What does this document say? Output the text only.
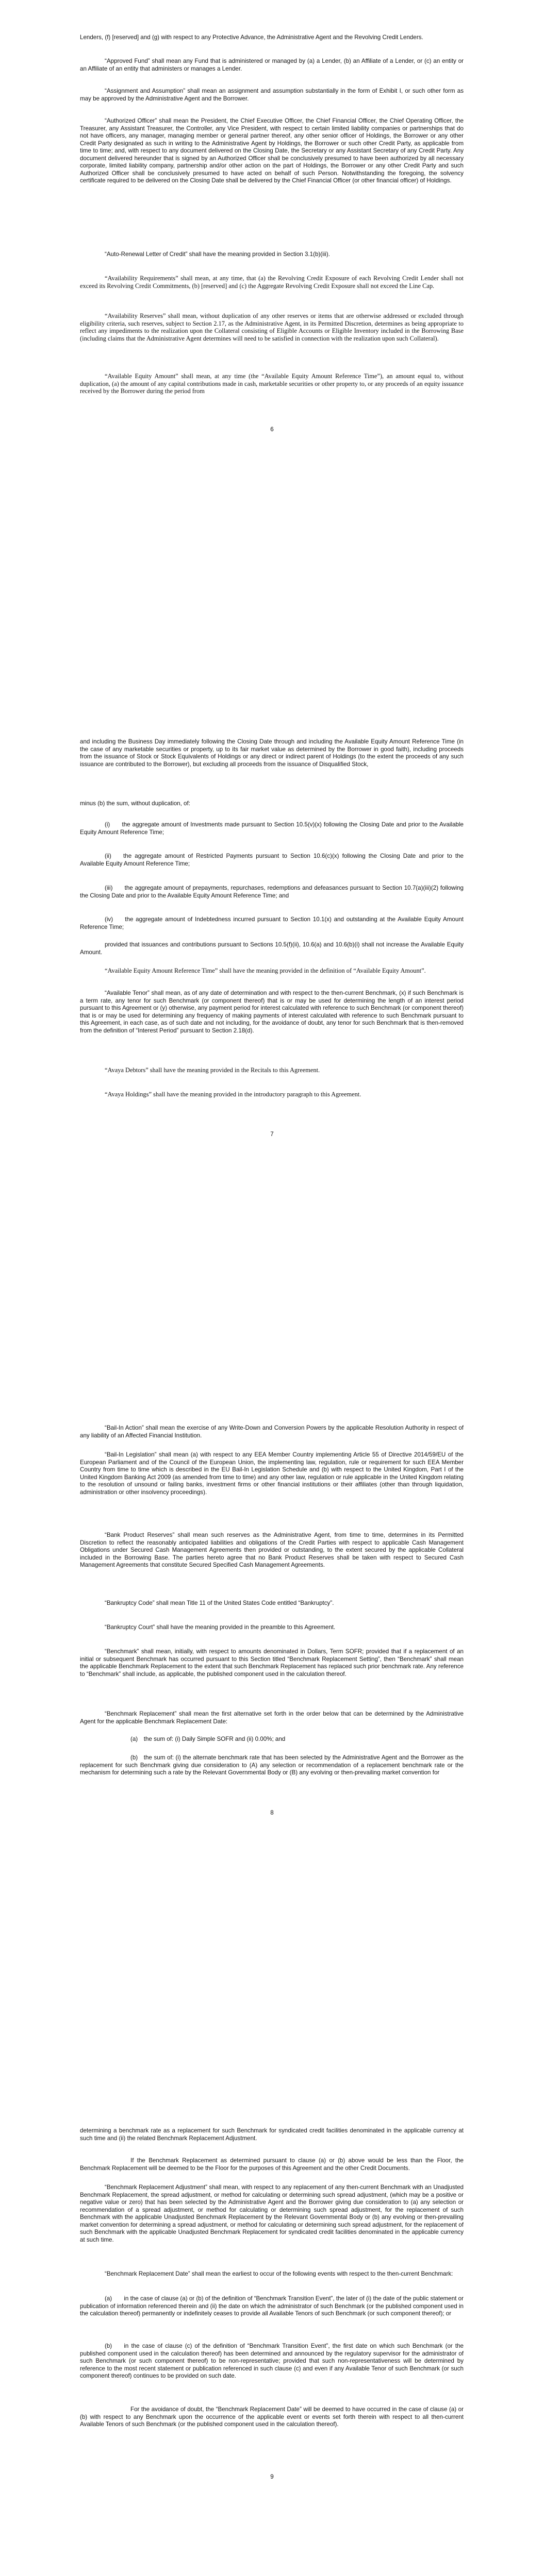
Lenders, (f) [reserved] and (g) with respect to any Protective Advance, the Administrative Agent and the Revolving Credit Lenders.

“Approved Fund” shall mean any Fund that is administered or managed by (a) a Lender, (b) an Affiliate of a Lender, or (c) an entity or an Affiliate of an entity that administers or manages a Lender.

“Assignment and Assumption” shall mean an assignment and assumption substantially in the form of Exhibit I, or such other form as may be approved by the Administrative Agent and the Borrower.

“Authorized Officer” shall mean the President, the Chief Executive Officer, the Chief Financial Officer, the Chief Operating Officer, the Treasurer, any Assistant Treasurer, the Controller, any Vice President, with respect to certain limited liability companies or partnerships that do not have officers, any manager, managing member or general partner thereof, any other senior officer of Holdings, the Borrower or any other Credit Party designated as such in writing to the Administrative Agent by Holdings, the Borrower or such other Credit Party, as applicable from time to time; and, with respect to any document delivered on the Closing Date, the Secretary or any Assistant Secretary of any Credit Party. Any document delivered hereunder that is signed by an Authorized Officer shall be conclusively presumed to have been authorized by all necessary corporate, limited liability company, partnership and/or other action on the part of Holdings, the Borrower or any other Credit Party and such Authorized Officer shall be conclusively presumed to have acted on behalf of such Person. Notwithstanding the foregoing, the solvency certificate required to be delivered on the Closing Date shall be delivered by the Chief Financial Officer (or other financial officer) of Holdings.

“Auto-Renewal Letter of Credit” shall have the meaning provided in Section 3.1(b)(iii).

“Availability Requirements” shall mean, at any time, that (a) the Revolving Credit Exposure of each Revolving Credit Lender shall not exceed its Revolving Credit Commitments, (b) [reserved] and (c) the Aggregate Revolving Credit Exposure shall not exceed the Line Cap.

“Availability Reserves” shall mean, without duplication of any other reserves or items that are otherwise addressed or excluded through eligibility criteria, such reserves, subject to Section 2.17, as the Administrative Agent, in its Permitted Discretion, determines as being appropriate to reflect any impediments to the realization upon the Collateral consisting of Eligible Accounts or Eligible Inventory included in the Borrowing Base (including claims that the Administrative Agent determines will need to be satisfied in connection with the realization upon such Collateral).

“Available Equity Amount” shall mean, at any time (the “Available Equity Amount Reference Time”), an amount equal to, without duplication, (a) the amount of any capital contributions made in cash, marketable securities or other property to, or any proceeds of an equity issuance received by the Borrower during the period from

6

and including the Business Day immediately following the Closing Date through and including the Available Equity Amount Reference Time (in the case of any marketable securities or property, up to its fair market value as determined by the Borrower in good faith), including proceeds from the issuance of Stock or Stock Equivalents of Holdings or any direct or indirect parent of Holdings (to the extent the proceeds of any such issuance are contributed to the Borrower), but excluding all proceeds from the issuance of Disqualified Stock,

minus (b) the sum, without duplication, of:

(i)  the aggregate amount of Investments made pursuant to Section 10.5(v)(x) following the Closing Date and prior to the Available Equity Amount Reference Time;

(ii)  the aggregate amount of Restricted Payments pursuant to Section 10.6(c)(x) following the Closing Date and prior to the Available Equity Amount Reference Time;

(iii)  the aggregate amount of prepayments, repurchases, redemptions and defeasances pursuant to Section 10.7(a)(iii)(2) following the Closing Date and prior to the Available Equity Amount Reference Time; and

(iv)  the aggregate amount of Indebtedness incurred pursuant to Section 10.1(x) and outstanding at the Available Equity Amount Reference Time;

provided that issuances and contributions pursuant to Sections 10.5(f)(ii), 10.6(a) and 10.6(b)(i) shall not increase the Available Equity Amount.

“Available Equity Amount Reference Time” shall have the meaning provided in the definition of “Available Equity Amount”.

“Available Tenor” shall mean, as of any date of determination and with respect to the then-current Benchmark, (x) if such Benchmark is a term rate, any tenor for such Benchmark (or component thereof) that is or may be used for determining the length of an interest period pursuant to this Agreement or (y) otherwise, any payment period for interest calculated with reference to such Benchmark (or component thereof) that is or may be used for determining any frequency of making payments of interest calculated with reference to such Benchmark pursuant to this Agreement, in each case, as of such date and not including, for the avoidance of doubt, any tenor for such Benchmark that is then-removed from the definition of “Interest Period” pursuant to Section 2.18(d).

“Avaya Debtors” shall have the meaning provided in the Recitals to this Agreement.

“Avaya Holdings” shall have the meaning provided in the introductory paragraph to this Agreement.

7

“Bail-In Action” shall mean the exercise of any Write-Down and Conversion Powers by the applicable Resolution Authority in respect of any liability of an Affected Financial Institution.

“Bail-In Legislation” shall mean (a) with respect to any EEA Member Country implementing Article 55 of Directive 2014/59/EU of the European Parliament and of the Council of the European Union, the implementing law, regulation, rule or requirement for such EEA Member Country from time to time which is described in the EU Bail-In Legislation Schedule and (b) with respect to the United Kingdom, Part I of the United Kingdom Banking Act 2009 (as amended from time to time) and any other law, regulation or rule applicable in the United Kingdom relating to the resolution of unsound or failing banks, investment firms or other financial institutions or their affiliates (other than through liquidation, administration or other insolvency proceedings).

“Bank Product Reserves” shall mean such reserves as the Administrative Agent, from time to time, determines in its Permitted Discretion to reflect the reasonably anticipated liabilities and obligations of the Credit Parties with respect to applicable Cash Management Obligations under Secured Cash Management Agreements then provided or outstanding, to the extent secured by the applicable Collateral included in the Borrowing Base. The parties hereto agree that no Bank Product Reserves shall be taken with respect to Secured Cash Management Agreements that constitute Secured Specified Cash Management Agreements.

“Bankruptcy Code” shall mean Title 11 of the United States Code entitled “Bankruptcy”.

“Bankruptcy Court” shall have the meaning provided in the preamble to this Agreement.

“Benchmark” shall mean, initially, with respect to amounts denominated in Dollars, Term SOFR; provided that if a replacement of an initial or subsequent Benchmark has occurred pursuant to this Section titled “Benchmark Replacement Setting”, then “Benchmark” shall mean the applicable Benchmark Replacement to the extent that such Benchmark Replacement has replaced such prior benchmark rate. Any reference to “Benchmark” shall include, as applicable, the published component used in the calculation thereof.

“Benchmark Replacement” shall mean the first alternative set forth in the order below that can be determined by the Administrative Agent for the applicable Benchmark Replacement Date:

(a) the sum of: (i) Daily Simple SOFR and (ii) 0.00%; and

(b) the sum of: (i) the alternate benchmark rate that has been selected by the Administrative Agent and the Borrower as the replacement for such Benchmark giving due consideration to (A) any selection or recommendation of a replacement benchmark rate or the mechanism for determining such a rate by the Relevant Governmental Body or (B) any evolving or then-prevailing market convention for

8

determining a benchmark rate as a replacement for such Benchmark for syndicated credit facilities denominated in the applicable currency at such time and (ii) the related Benchmark Replacement Adjustment.

If the Benchmark Replacement as determined pursuant to clause (a) or (b) above would be less than the Floor, the Benchmark Replacement will be deemed to be the Floor for the purposes of this Agreement and the other Credit Documents.

“Benchmark Replacement Adjustment” shall mean, with respect to any replacement of any then-current Benchmark with an Unadjusted Benchmark Replacement, the spread adjustment, or method for calculating or determining such spread adjustment, (which may be a positive or negative value or zero) that has been selected by the Administrative Agent and the Borrower giving due consideration to (a) any selection or recommendation of a spread adjustment, or method for calculating or determining such spread adjustment, for the replacement of such Benchmark with the applicable Unadjusted Benchmark Replacement by the Relevant Governmental Body or (b) any evolving or then-prevailing market convention for determining a spread adjustment, or method for calculating or determining such spread adjustment, for the replacement of such Benchmark with the applicable Unadjusted Benchmark Replacement for syndicated credit facilities denominated in the applicable currency at such time.

“Benchmark Replacement Date” shall mean the earliest to occur of the following events with respect to the then-current Benchmark:

(a)  in the case of clause (a) or (b) of the definition of “Benchmark Transition Event”, the later of (i) the date of the public statement or publication of information referenced therein and (ii) the date on which the administrator of such Benchmark (or the published component used in the calculation thereof) permanently or indefinitely ceases to provide all Available Tenors of such Benchmark (or such component thereof); or

(b)  in the case of clause (c) of the definition of “Benchmark Transition Event”, the first date on which such Benchmark (or the published component used in the calculation thereof) has been determined and announced by the regulatory supervisor for the administrator of such Benchmark (or such component thereof) to be non-representative; provided that such non-representativeness will be determined by reference to the most recent statement or publication referenced in such clause (c) and even if any Available Tenor of such Benchmark (or such component thereof) continues to be provided on such date.

For the avoidance of doubt, the “Benchmark Replacement Date” will be deemed to have occurred in the case of clause (a) or (b) with respect to any Benchmark upon the occurrence of the applicable event or events set forth therein with respect to all then-current Available Tenors of such Benchmark (or the published component used in the calculation thereof).

9
